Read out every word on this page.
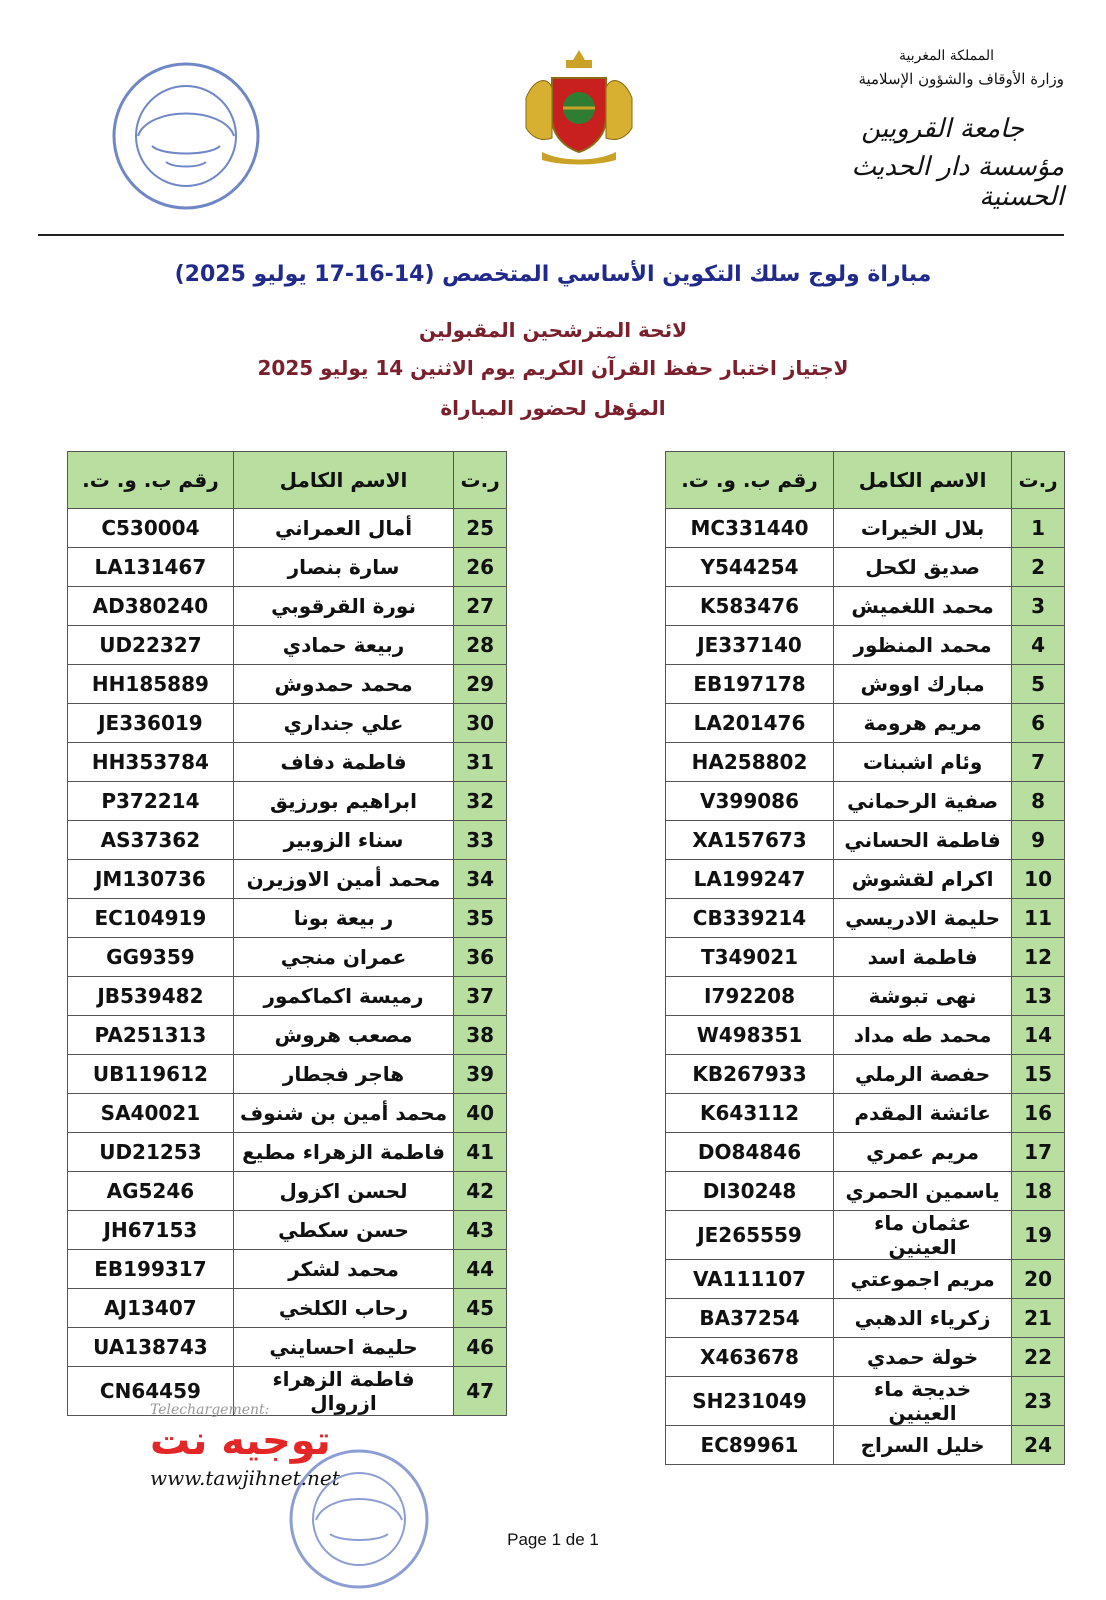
المملكة المغربية
وزارة الأوقاف والشؤون الإسلامية
جامعة القرويين
مؤسسة دار الحديث الحسنية
مباراة ولوج سلك التكوين الأساسي المتخصص (14-16-17 يوليو 2025)
لائحة المترشحين المقبولين
لاجتياز اختبار حفظ القرآن الكريم يوم الاثنين 14 يوليو 2025
المؤهل لحضور المباراة
ر.ت	الاسم الكامل	رقم ب. و. ت.
1	بلال الخيرات	MC331440
2	صديق لكحل	Y544254
3	محمد اللغميش	K583476
4	محمد المنظور	JE337140
5	مبارك اووش	EB197178
6	مريم هرومة	LA201476
7	وئام اشبنات	HA258802
8	صفية الرحماني	V399086
9	فاطمة الحساني	XA157673
10	اكرام لقشوش	LA199247
11	حليمة الادريسي	CB339214
12	فاطمة اسد	T349021
13	نهى تبوشة	I792208
14	محمد طه مداد	W498351
15	حفصة الرملي	KB267933
16	عائشة المقدم	K643112
17	مريم عمري	DO84846
18	ياسمين الحمري	DI30248
19	عثمان ماء العينين	JE265559
20	مريم اجموعتي	VA111107
21	زكرياء الدهبي	BA37254
22	خولة حمدي	X463678
23	خديجة ماء العينين	SH231049
24	خليل السراج	EC89961
ر.ت	الاسم الكامل	رقم ب. و. ت.
25	أمال العمراني	C530004
26	سارة بنصار	LA131467
27	نورة القرقوبي	AD380240
28	ربيعة حمادي	UD22327
29	محمد حمدوش	HH185889
30	علي جنداري	JE336019
31	فاطمة دفاف	HH353784
32	ابراهيم بورزيق	P372214
33	سناء الزوبير	AS37362
34	محمد أمين الاوزيرن	JM130736
35	ر بيعة بونا	EC104919
36	عمران منجي	GG9359
37	رميسة اكماكمور	JB539482
38	مصعب هروش	PA251313
39	هاجر فجطار	UB119612
40	محمد أمين بن شنوف	SA40021
41	فاطمة الزهراء مطيع	UD21253
42	لحسن اكزول	AG5246
43	حسن سكطي	JH67153
44	محمد لشكر	EB199317
45	رحاب الكلخي	AJ13407
46	حليمة احسايني	UA138743
47	فاطمة الزهراء ازروال	CN64459
Telechargement:
توجيه نت
www.tawjihnet.net
Page 1 de 1
